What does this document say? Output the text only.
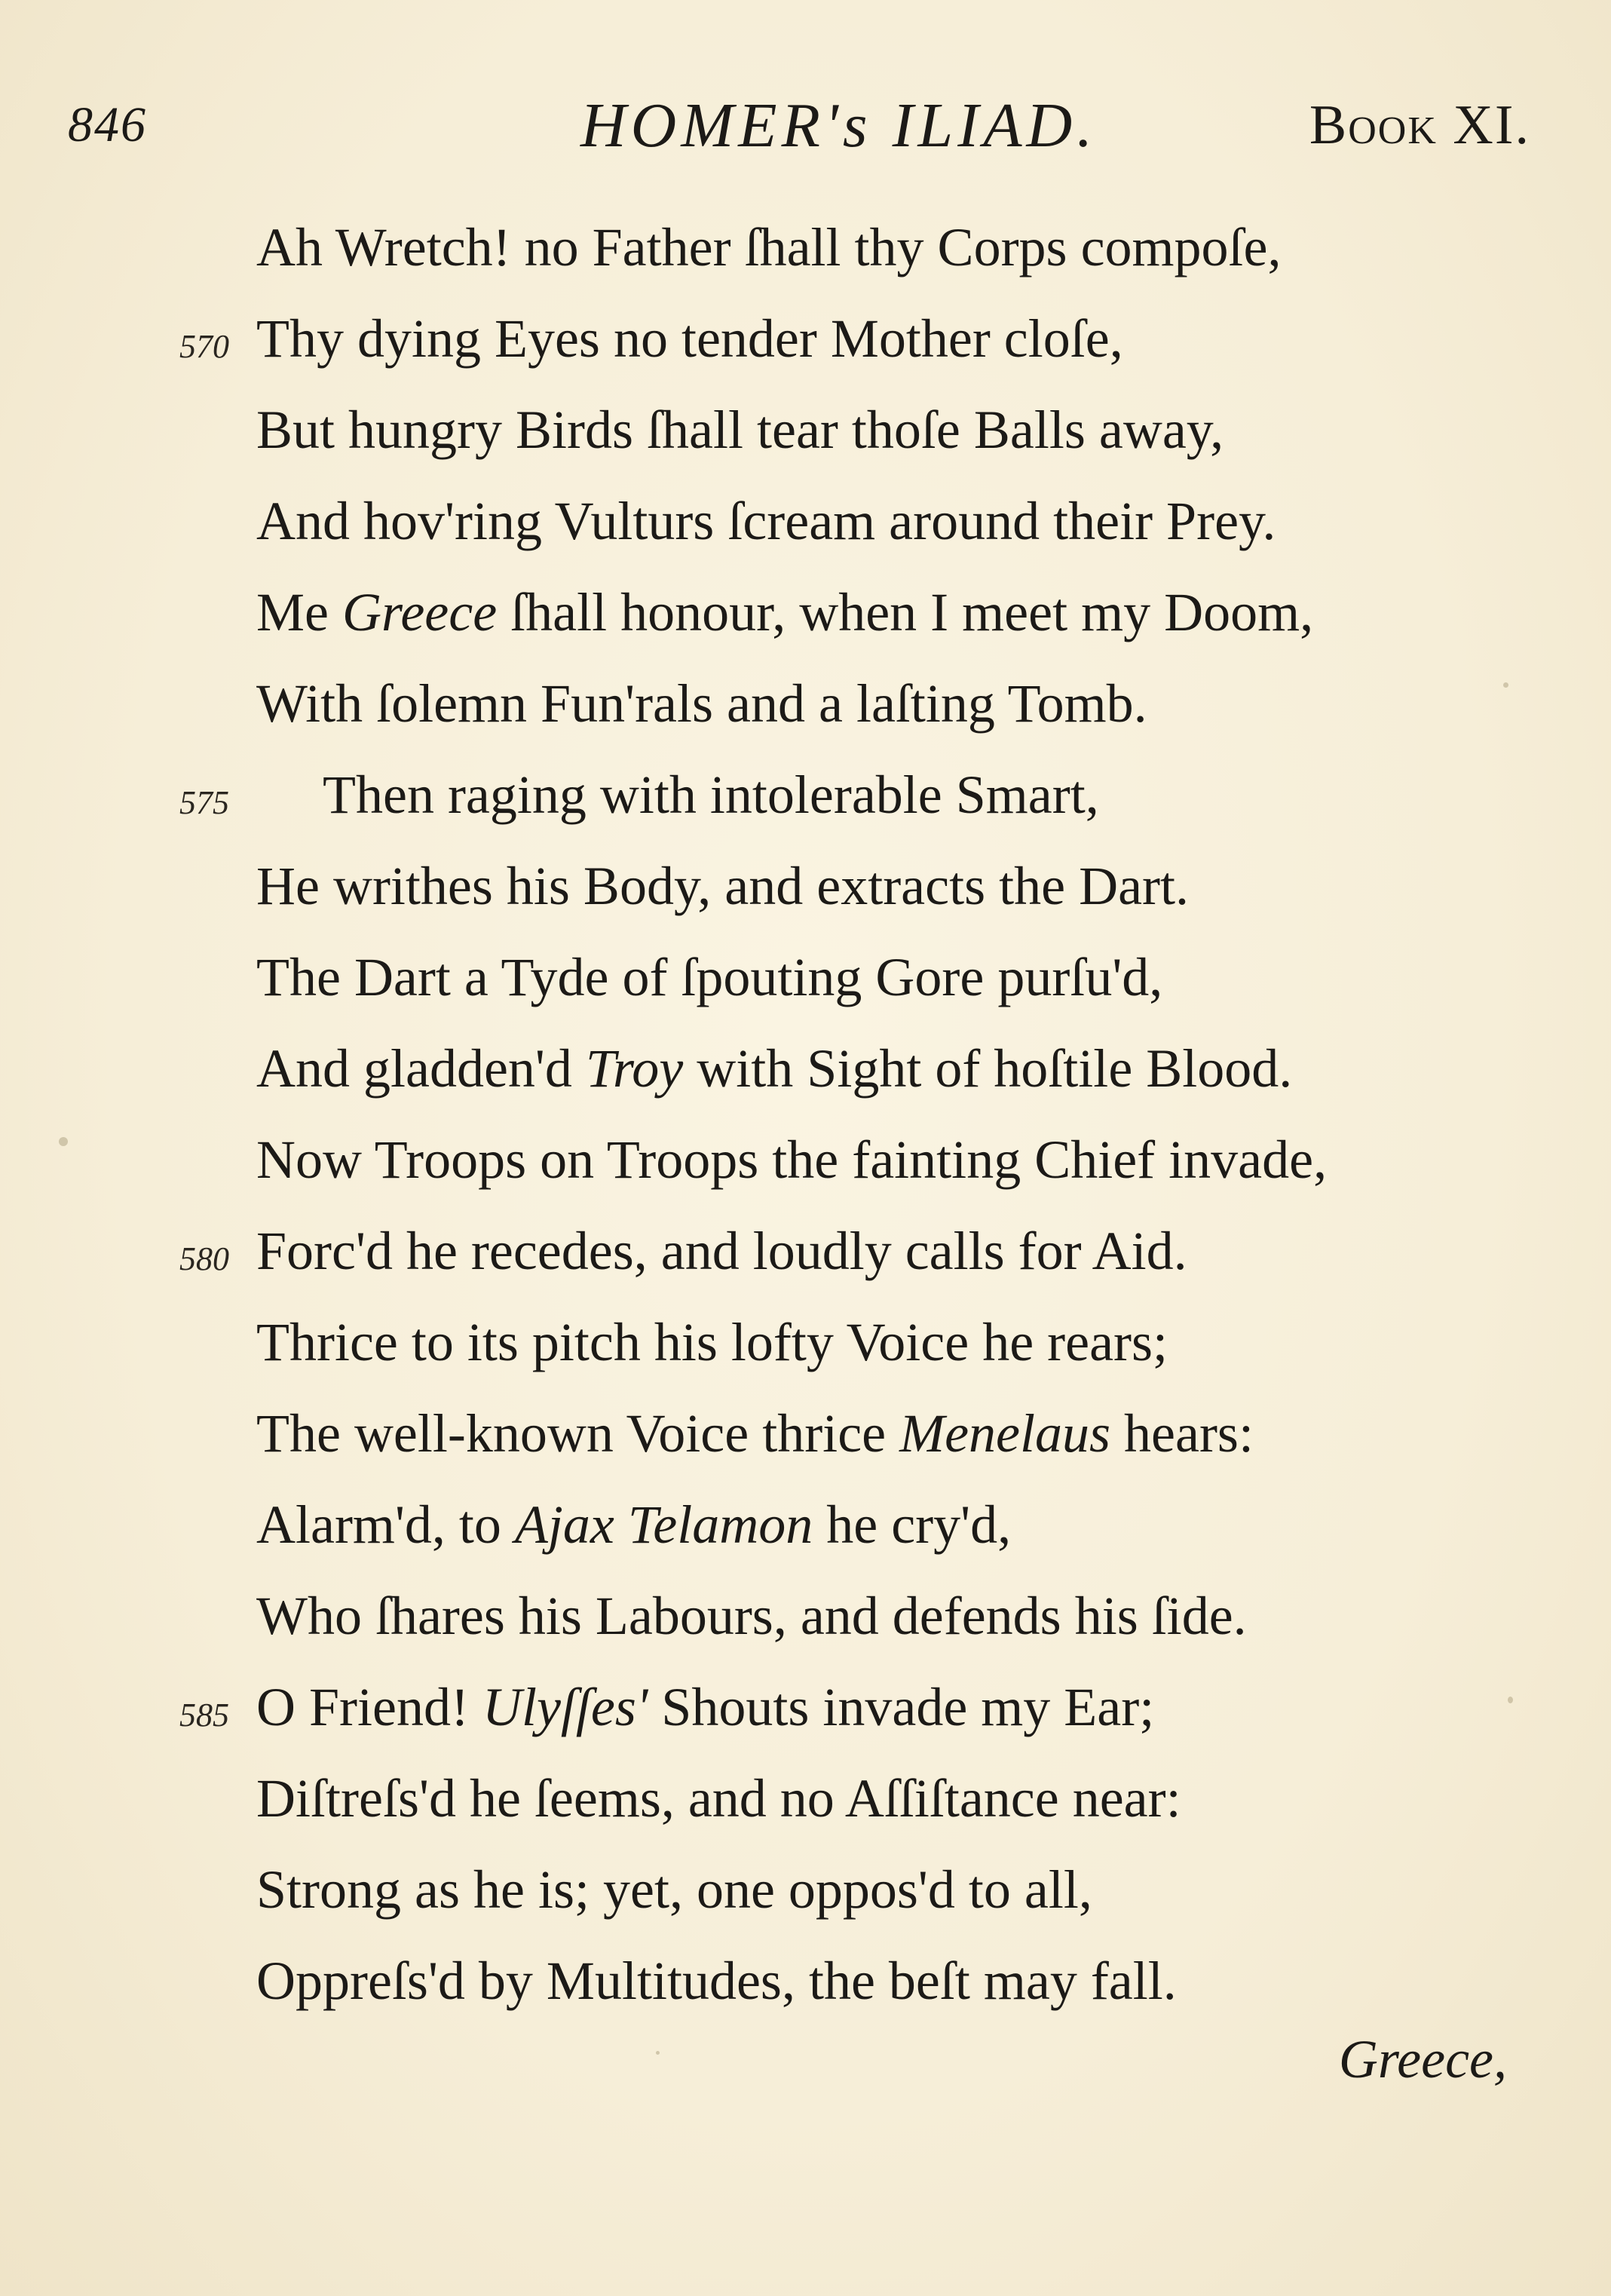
846	HOMER's ILIAD.	Book XI.
Ah Wretch! no Father ſhall thy Corps compoſe,
570 Thy dying Eyes no tender Mother cloſe,
But hungry Birds ſhall tear thoſe Balls away,
And hov'ring Vulturs ſcream around their Prey.
Me Greece ſhall honour, when I meet my Doom,
With ſolemn Fun'rals and a laſting Tomb.
575 Then raging with intolerable Smart,
He writhes his Body, and extracts the Dart.
The Dart a Tyde of ſpouting Gore purſu'd,
And gladden'd Troy with Sight of hoſtile Blood.
Now Troops on Troops the fainting Chief invade,
580 Forc'd he recedes, and loudly calls for Aid.
Thrice to its pitch his lofty Voice he rears;
The well-known Voice thrice Menelaus hears:
Alarm'd, to Ajax Telamon he cry'd,
Who ſhares his Labours, and defends his ſide.
585 O Friend! Ulyſſes' Shouts invade my Ear;
Diſtreſs'd he ſeems, and no Aſſiſtance near:
Strong as he is; yet, one oppos'd to all,
Oppreſs'd by Multitudes, the beſt may fall.
Greece,
